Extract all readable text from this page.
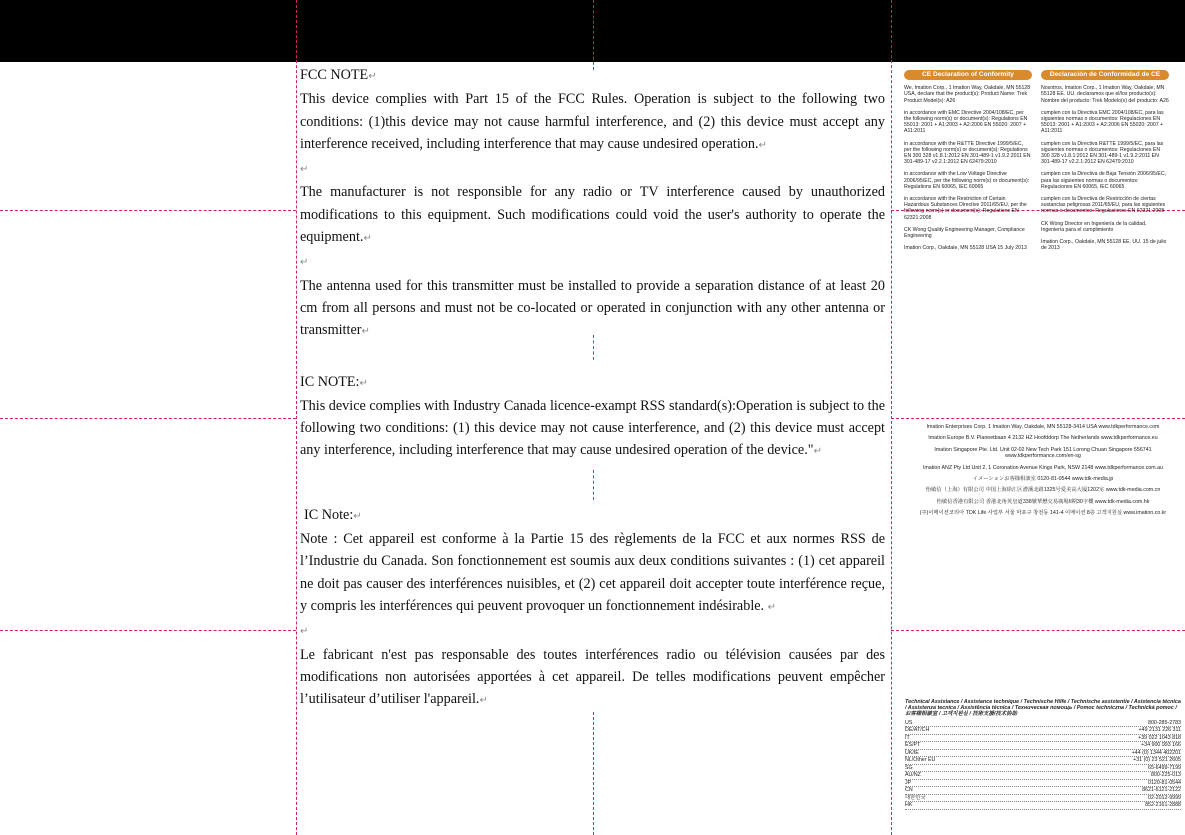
FCC NOTE↵

This device complies with Part 15 of the FCC Rules. Operation is subject to the following two conditions: (1)this device may not cause harmful interference, and (2) this device must accept any interference received, including interference that may cause undesired operation.↵

↵

The manufacturer is not responsible for any radio or TV interference caused by unauthorized modifications to this equipment. Such modifications could void the user's authority to operate the equipment.↵

↵

The antenna used for this transmitter must be installed to provide a separation distance of at least 20 cm from all persons and must not be co-located or operated in conjunction with any other antenna or transmitter↵

IC NOTE:↵

This device complies with Industry Canada licence-exampt RSS standard(s):Operation is subject to the following two conditions: (1) this device may not cause interference, and (2) this device must accept any interference, including interference that may cause undesired operation of the device."↵

IC Note:↵

Note : Cet appareil est conforme à la Partie 15 des règlements de la FCC et aux normes RSS de l’Industrie du Canada. Son fonctionnement est soumis aux deux conditions suivantes : (1) cet appareil ne doit pas causer des interférences nuisibles, et (2) cet appareil doit accepter toute interférence reçue, y compris les interférences qui peuvent provoquer un fonctionnement indésirable. ↵

↵

Le fabricant n'est pas responsable des toutes interférences radio ou télévision causées par des modifications non autorisées apportées à cet appareil. De telles modifications peuvent empêcher l’utilisateur d’utiliser l'appareil.↵

CE Declaration of Conformity
We, Imation Corp., 1 Imation Way, Oakdale, MN 55128 USA, declare that the product(s): Product Name: Trek Product Model(s): A26
in accordance with EMC Directive 2004/108/EC, per the following norm(s) or document(s): Regulations EN 55013: 2001 + A1:2003 + A2:2006 EN 55020: 2007 + A11:2011
in accordance with the R&TTE Directive 1999/5/EC, per the following norm(s) or document(s): Regulations EN 300 328 v1.8.1:2012 EN 301-489-1 v1.9.2:2011 EN 301-489-17 v2.2.1:2012 EN 62479:2010
in accordance with the Low Voltage Directive 2006/95/EC, per the following norm(s) or document(s): Regulations EN 60065, IEC 60065
in accordance with the Restriction of Certain Hazardous Substances Directive 2011/65/EU, per the following norm(s) or document(s): Regulations EN 62321:2008
CK Wong Quality Engineering Manager, Compliance Engineering
Imation Corp., Oakdale, MN 55128 USA 15 July 2013
Declaración de Conformidad de CE
Nosotros, Imation Corp., 1 Imation Way, Oakdale, MN 55128 EE. UU. declaramos que el/los producto(s): Nombre del producto: Trek Modelo(s) del producto: A26
cumplen con la Directiva EMC 2004/108/EC, para las siguientes normas o documentos: Regulaciones EN 55013: 2001 + A1:2003 + A2:2006 EN 55020: 2007 + A11:2011
cumplen con la Directiva R&TTE 1999/5/EC, para las siguientes normas o documentos: Regulaciones EN 300 328 v1.8.1:2012 EN 301-489-1 v1.9.2:2011 EN 301-489-17 v2.2.1:2012 EN 62479:2010
cumplen con la Directiva de Baja Tensión 2006/95/EC, para las siguientes normas o documentos: Regulaciones EN 60065, IEC 60065
cumplen con la Directiva de Restricción de ciertas sustancias peligrosas 2011/65/EU, para las siguientes normas o documentos: Regulaciones EN 62321:2008
CK Wong Director en Ingeniería de la calidad, Ingeniería para el cumplimiento
Imation Corp., Oakdale, MN 55128 EE. UU. 15 de julio de 2013
Imation Enterprises Corp. 1 Imation Way, Oakdale, MN 55128-3414 USA www.tdkperformance.com
Imation Europe B.V. Planeetbaan 4 2132 HZ Hoofddorp The Netherlands www.tdkperformance.eu
Imation Singapore Pte. Ltd. Unit 02-02 New Tech Park 151 Lorong Chuan Singapore 556741 www.tdkperformance.com/en-sg
Imation ANZ Pty Ltd Unit 2, 1 Coronation Avenue Kings Park, NSW 2148 www.tdkperformance.com.au
イメーションお客様相談室 0120-81-0544 www.tdk-media.jp
怡敏信（上海）有限公司 中国上海徐汇区漕溪北路1325号爱美高大厦1202室 www.tdk-media.com.cn
怡敏信香港有限公司 香港北角英皇道338號華懋交易廣場II期30字樓 www.tdk-media.com.hk
(주)이메이션코리아 TDK Life 사업부 서울 마포구 창전동 141-4 이메이션 8층 고객지원실 www.imation.co.kr
Technical Assistance / Assistance technique / Technische Hilfe / Technische assistentie / Asistencia técnica / Assistenza tecnica / Assistência técnica / Техническая помощь / Pomoc techniczna / Technická pomoc / お客様相談室 / 고객지원실 / 技術支援/技术协助
US	800-285-2783
DE/AT/CH	+49 2131 226 311
IT	+39 022 1043 818
ES/PT	+34 900 993 166
UK/IE	+44 (0) 1344 402201
NL/Other EU	+31 (0) 23 521 2605
SG	65-6499-7199
AU/NZ	800-225-013
JP	0120-81-0544
CN	8621-6121-2122
대한민국	02-2012-9999
HK	852-2161-2888
